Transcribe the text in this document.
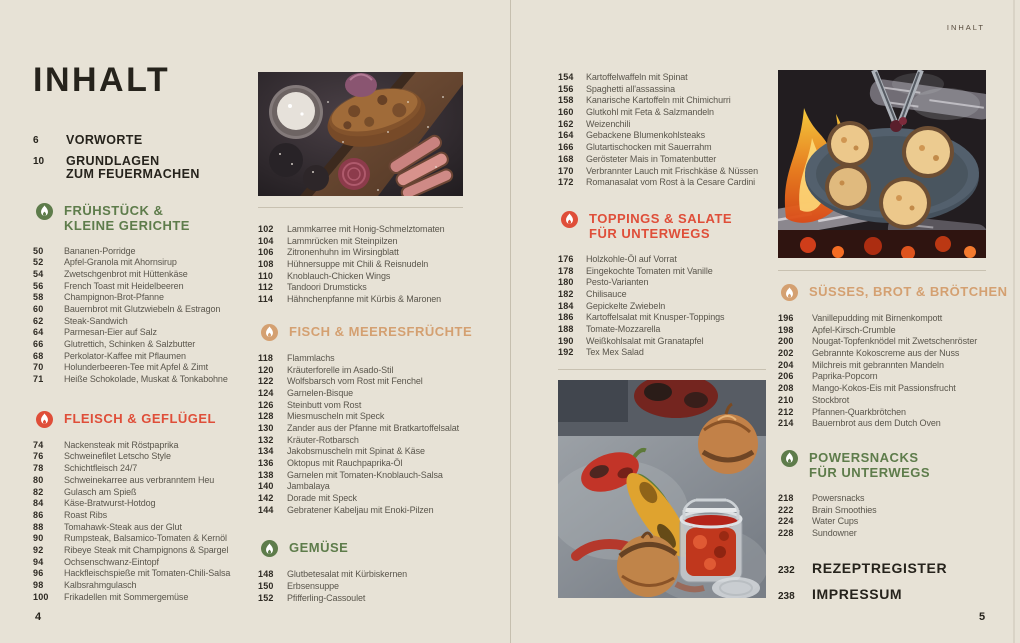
INHALT
INHALT
6	VORWORTE
10	GRUNDLAGEN
ZUM FEUERMACHEN
FRÜHSTÜCK &
KLEINE GERICHTE
50	Bananen-Porridge
52	Apfel-Granola mit Ahornsirup
54	Zwetschgenbrot mit Hüttenkäse
56	French Toast mit Heidelbeeren
58	Champignon-Brot-Pfanne
60	Bauernbrot mit Glutzwiebeln & Estragon
62	Steak-Sandwich
64	Parmesan-Eier auf Salz
66	Glutrettich, Schinken & Salzbutter
68	Perkolator-Kaffee mit Pflaumen
70	Holunderbeeren-Tee mit Apfel & Zimt
71	Heiße Schokolade, Muskat & Tonkabohne
FLEISCH & GEFLÜGEL
74	Nackensteak mit Röstpaprika
76	Schweinefilet Letscho Style
78	Schichtfleisch 24/7
80	Schweinekarree aus verbranntem Heu
82	Gulasch am Spieß
84	Käse-Bratwurst-Hotdog
86	Roast Ribs
88	Tomahawk-Steak aus der Glut
90	Rumpsteak, Balsamico-Tomaten & Kernöl
92	Ribeye Steak mit Champignons & Spargel
94	Ochsenschwanz-Eintopf
96	Hackfleischspieße mit Tomaten-Chili-Salsa
98	Kalbsrahmgulasch
100	Frikadellen mit Sommergemüse
102	Lammkarree mit Honig-Schmelztomaten
104	Lammrücken mit Steinpilzen
106	Zitronenhuhn im Wirsingblatt
108	Hühnersuppe mit Chili & Reisnudeln
110	Knoblauch-Chicken Wings
112	Tandoori Drumsticks
114	Hähnchenpfanne mit Kürbis & Maronen
FISCH & MEERESFRÜCHTE
118	Flammlachs
120	Kräuterforelle im Asado-Stil
122	Wolfsbarsch vom Rost mit Fenchel
124	Garnelen-Bisque
126	Steinbutt vom Rost
128	Miesmuscheln mit Speck
130	Zander aus der Pfanne mit Bratkartoffelsalat
132	Kräuter-Rotbarsch
134	Jakobsmuscheln mit Spinat & Käse
136	Oktopus mit Rauchpaprika-Öl
138	Garnelen mit Tomaten-Knoblauch-Salsa
140	Jambalaya
142	Dorade mit Speck
144	Gebratener Kabeljau mit Enoki-Pilzen
GEMÜSE
148	Glutbetesalat mit Kürbiskernen
150	Erbsensuppe
152	Pfifferling-Cassoulet
154	Kartoffelwaffeln mit Spinat
156	Spaghetti all'assassina
158	Kanarische Kartoffeln mit Chimichurri
160	Glutkohl mit Feta & Salzmandeln
162	Weizenchili
164	Gebackene Blumenkohlsteaks
166	Glutartischocken mit Sauerrahm
168	Gerösteter Mais in Tomatenbutter
170	Verbrannter Lauch mit Frischkäse & Nüssen
172	Romanasalat vom Rost à la Cesare Cardini
TOPPINGS & SALATE
FÜR UNTERWEGS
176	Holzkohle-Öl auf Vorrat
178	Eingekochte Tomaten mit Vanille
180	Pesto-Varianten
182	Chilisauce
184	Gepickelte Zwiebeln
186	Kartoffelsalat mit Knusper-Toppings
188	Tomate-Mozzarella
190	Weißkohlsalat mit Granatapfel
192	Tex Mex Salad
SÜSSES, BROT & BRÖTCHEN
196	Vanillepudding mit Birnenkompott
198	Apfel-Kirsch-Crumble
200	Nougat-Topfenknödel mit Zwetschenröster
202	Gebrannte Kokoscreme aus der Nuss
204	Milchreis mit gebrannten Mandeln
206	Paprika-Popcorn
208	Mango-Kokos-Eis mit Passionsfrucht
210	Stockbrot
212	Pfannen-Quarkbrötchen
214	Bauernbrot aus dem Dutch Oven
POWERSNACKS
FÜR UNTERWEGS
218	Powersnacks
222	Brain Smoothies
224	Water Cups
228	Sundowner
232	REZEPTREGISTER
238	IMPRESSUM
4	5
